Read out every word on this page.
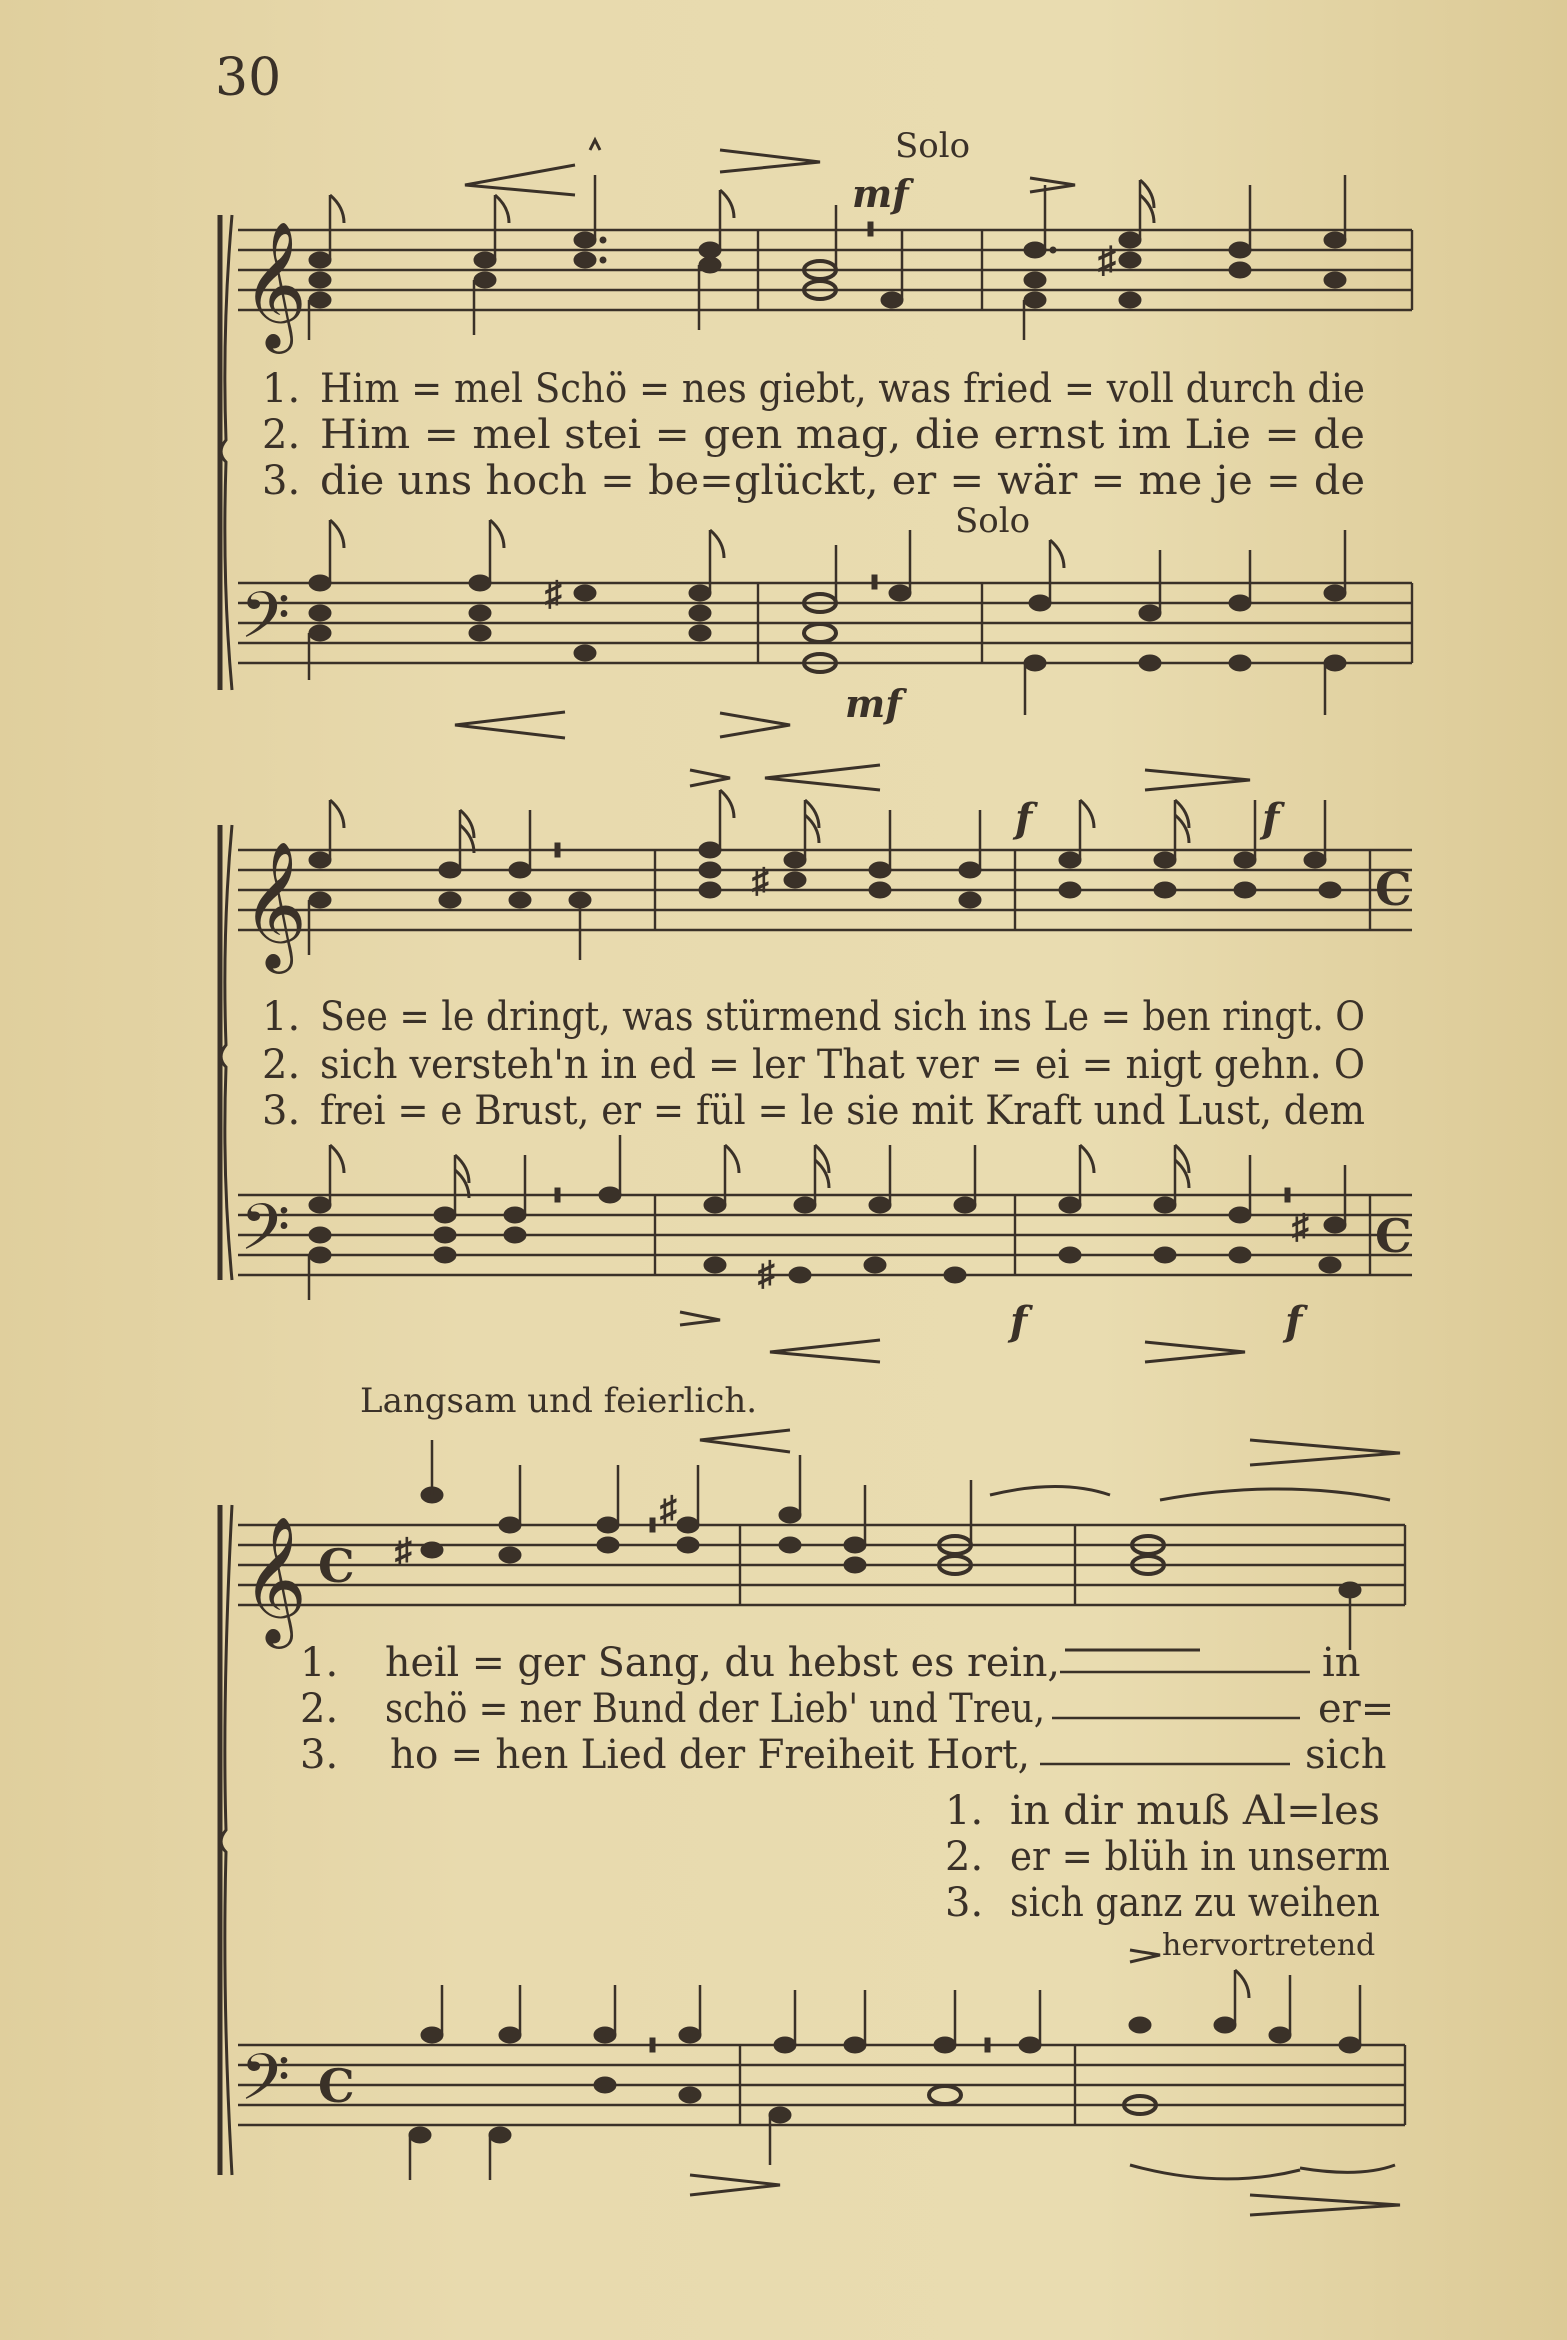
30
𝄞	♯
Solo
mf
1. Him = mel Schö = nes giebt, was fried = voll durch die
2. Him = mel stei = gen mag, die ernst im Lie = de
3. die uns hoch = be=glückt, er = wär = me je = de
Solo
𝄢	♯
mf
𝄞	C
♯
f	f
1. See = le dringt, was stürmend sich ins Le = ben ringt. O
2. sich versteh'n in ed = ler That ver = ei = nigt gehn. O
3. frei = e Brust, er = fül = le sie mit Kraft und Lust, dem
𝄢	C
♯
♯
f	f
Langsam und feierlich.
𝄞 C ♯
♯
1. heil = ger Sang, du hebst es rein,	in
2. schö = ner Bund der Lieb' und Treu,	er=
3. ho = hen Lied der Freiheit Hort,	sich
1. in dir muß Al=les
2. er = blüh in unserm
3. sich ganz zu weihen
hervortretend
𝄢 C
